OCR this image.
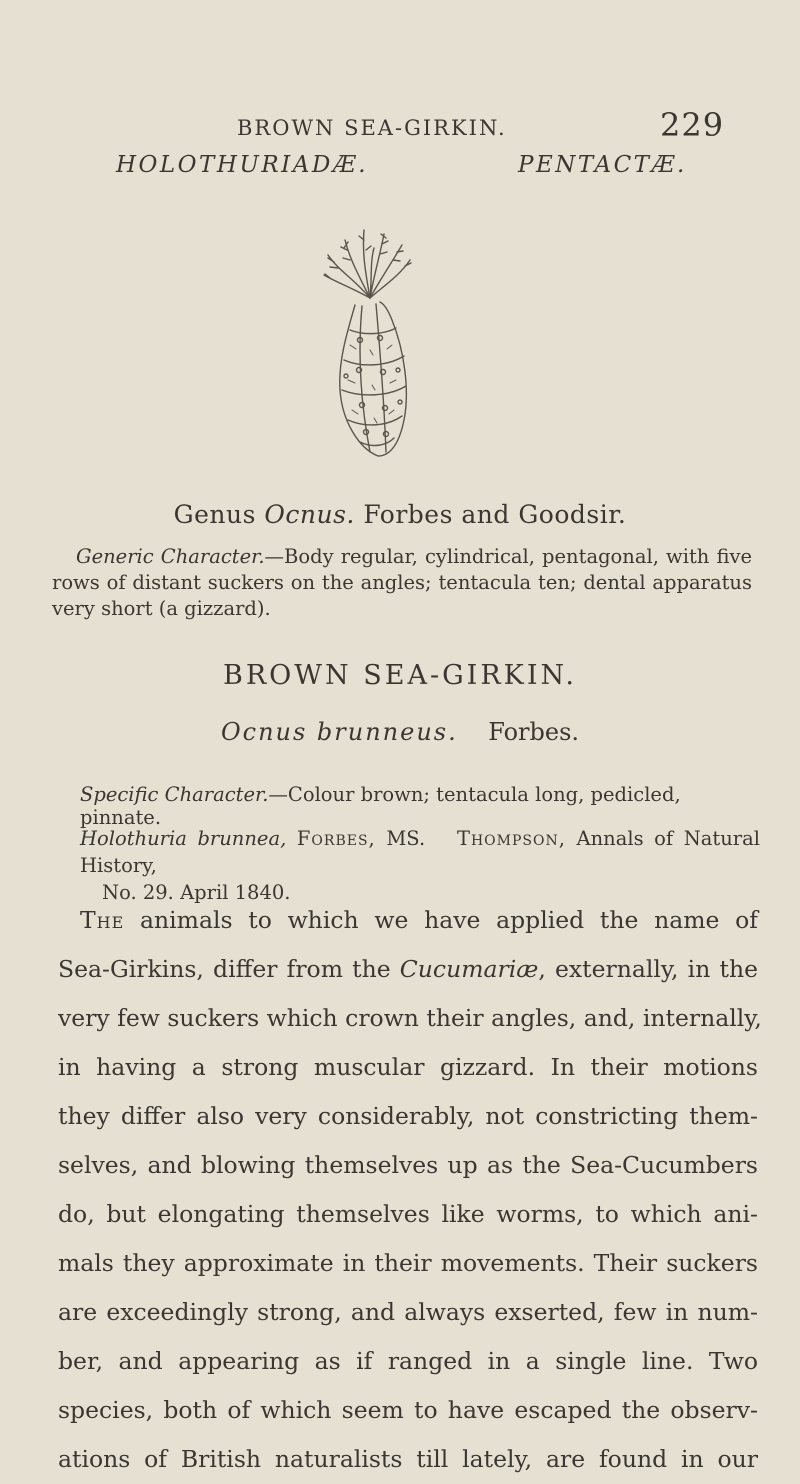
BROWN SEA-GIRKIN.	229
HOLOTHURIADÆ.	PENTACTÆ.
Genus Ocnus. Forbes and Goodsir.
Generic Character.—Body regular, cylindrical, pentagonal, with five rows of distant suckers on the angles; tentacula ten; dental apparatus very short (a gizzard).
BROWN SEA-GIRKIN.
Ocnus brunneus. Forbes.
Specific Character.—Colour brown; tentacula long, pedicled, pinnate.
Holothuria brunnea, Forbes, MS. Thompson, Annals of Natural History,
No. 29. April 1840.
The animals to which we have applied the name of
Sea-Girkins, differ from the Cucumariæ, externally, in the
very few suckers which crown their angles, and, internally,
in having a strong muscular gizzard. In their motions
they differ also very considerably, not constricting them-
selves, and blowing themselves up as the Sea-Cucumbers
do, but elongating themselves like worms, to which ani-
mals they approximate in their movements. Their suckers
are exceedingly strong, and always exserted, few in num-
ber, and appearing as if ranged in a single line. Two
species, both of which seem to have escaped the observ-
ations of British naturalists till lately, are found in our
